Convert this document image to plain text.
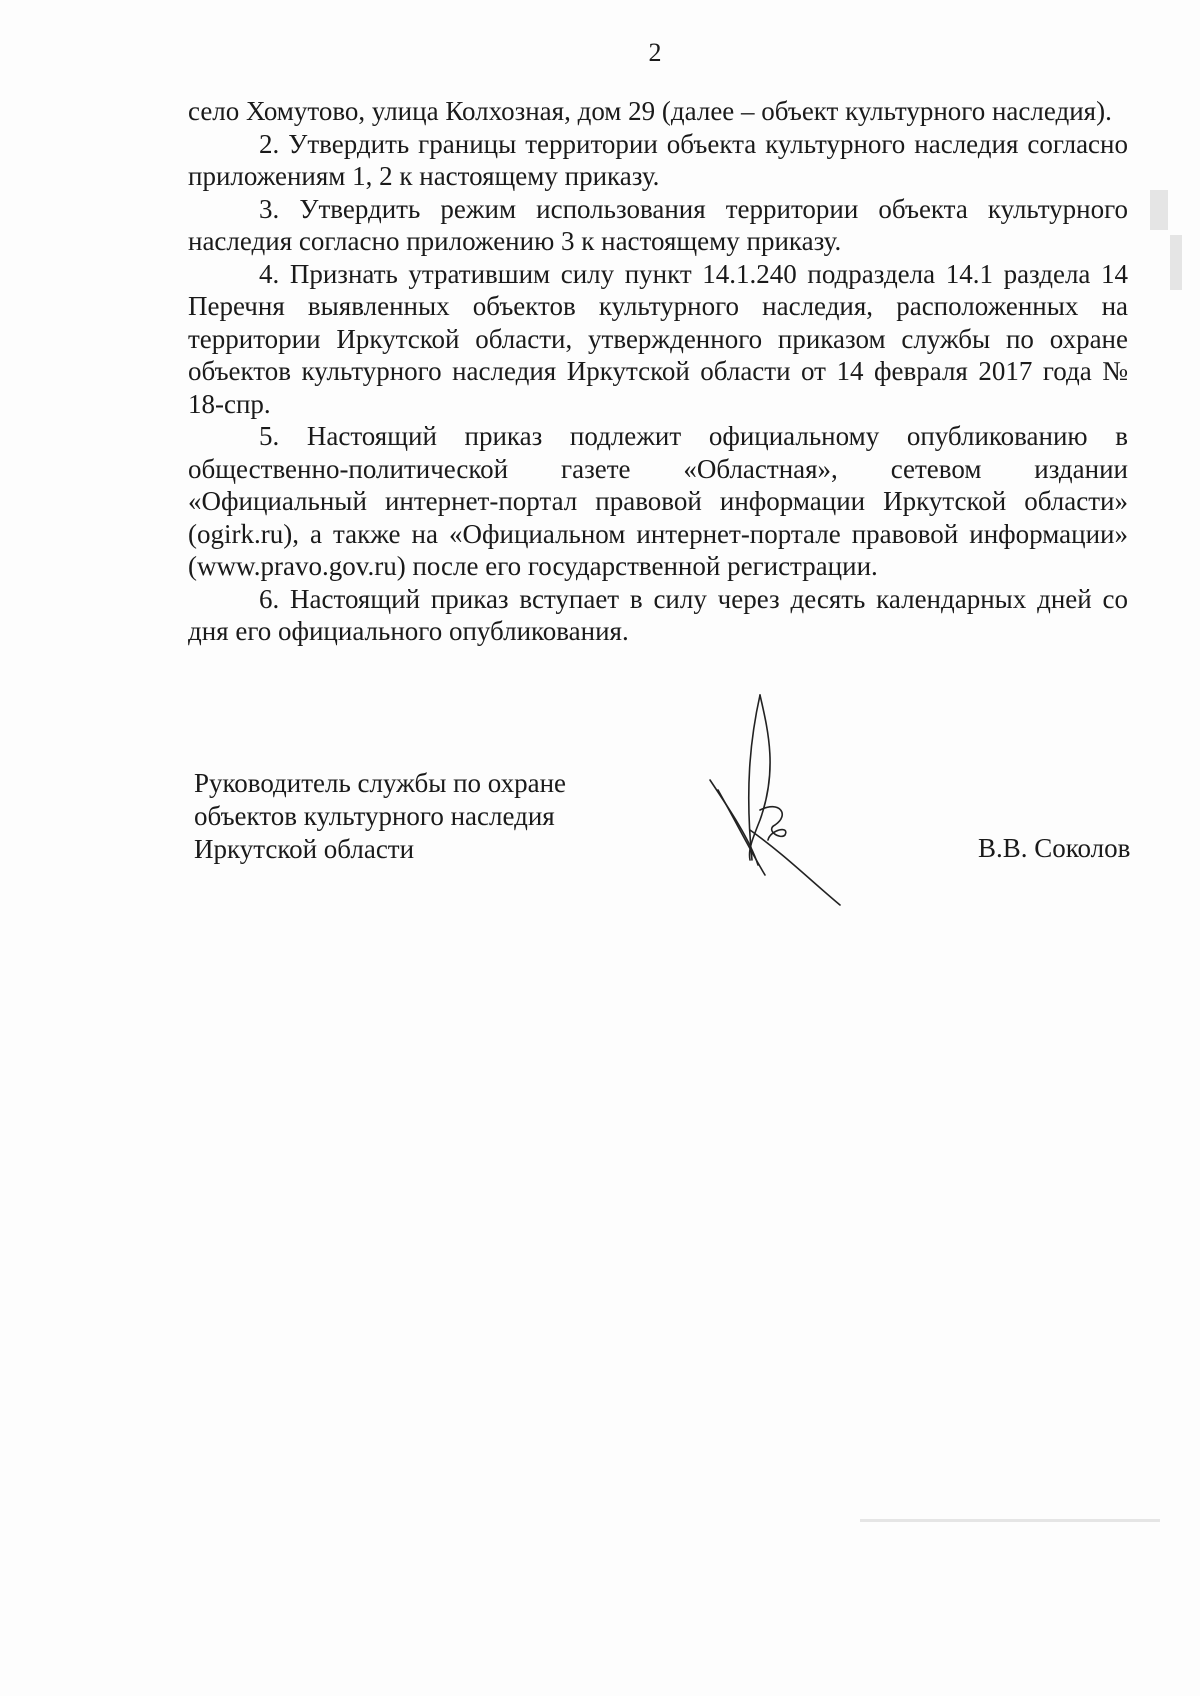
2

село Хомутово, улица Колхозная, дом 29 (далее – объект культурного наследия).

2. Утвердить границы территории объекта культурного наследия согласно приложениям 1, 2 к настоящему приказу.

3. Утвердить режим использования территории объекта культурного наследия согласно приложению 3 к настоящему приказу.

4. Признать утратившим силу пункт 14.1.240 подраздела 14.1 раздела 14 Перечня выявленных объектов культурного наследия, расположенных на территории Иркутской области, утвержденного приказом службы по охране объектов культурного наследия Иркутской области от 14 февраля 2017 года № 18-спр.

5. Настоящий приказ подлежит официальному опубликованию в общественно-политической газете «Областная», сетевом издании «Официальный интернет-портал правовой информации Иркутской области» (ogirk.ru), а также на «Официальном интернет-портале правовой информации» (www.pravo.gov.ru) после его государственной регистрации.

6. Настоящий приказ вступает в силу через десять календарных дней со дня его официального опубликования.

Руководитель службы по охране
объектов культурного наследия
Иркутской области	В.В. Соколов
